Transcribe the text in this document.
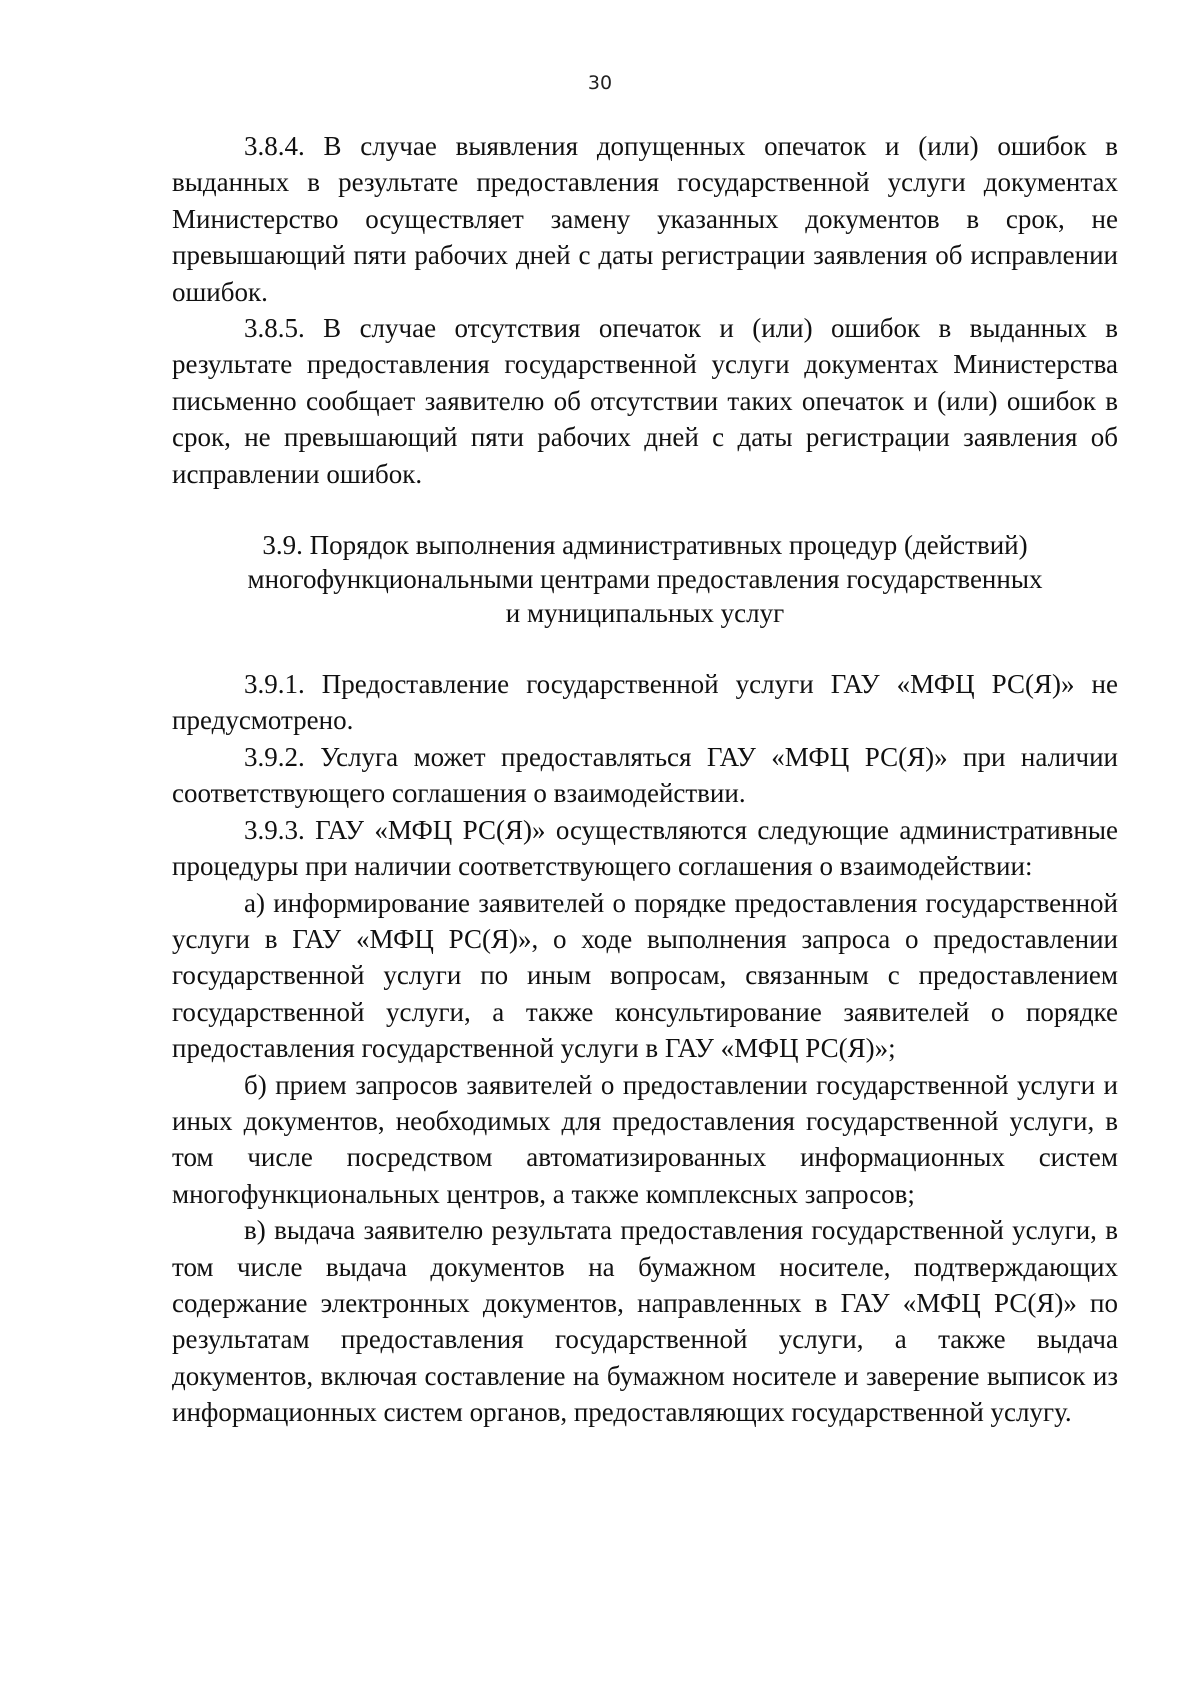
30

3.8.4. В случае выявления допущенных опечаток и (или) ошибок в выданных в результате предоставления государственной услуги документах Министерство осуществляет замену указанных документов в срок, не превышающий пяти рабочих дней с даты регистрации заявления об исправлении ошибок.

3.8.5. В случае отсутствия опечаток и (или) ошибок в выданных в результате предоставления государственной услуги документах Министерства письменно сообщает заявителю об отсутствии таких опечаток и (или) ошибок в срок, не превышающий пяти рабочих дней с даты регистрации заявления об исправлении ошибок.

3.9. Порядок выполнения административных процедур (действий)
многофункциональными центрами предоставления государственных
и муниципальных услуг

3.9.1. Предоставление государственной услуги ГАУ «МФЦ РС(Я)» не предусмотрено.

3.9.2. Услуга может предоставляться ГАУ «МФЦ РС(Я)» при наличии соответствующего соглашения о взаимодействии.

3.9.3. ГАУ «МФЦ РС(Я)» осуществляются следующие административные процедуры при наличии соответствующего соглашения о взаимодействии:

а) информирование заявителей о порядке предоставления государственной услуги в ГАУ «МФЦ РС(Я)», о ходе выполнения запроса о предоставлении государственной услуги по иным вопросам, связанным с предоставлением государственной услуги, а также консультирование заявителей о порядке предоставления государственной услуги в ГАУ «МФЦ РС(Я)»;

б) прием запросов заявителей о предоставлении государственной услуги и иных документов, необходимых для предоставления государственной услуги, в том числе посредством автоматизированных информационных систем многофункциональных центров, а также комплексных запросов;

в) выдача заявителю результата предоставления государственной услуги, в том числе выдача документов на бумажном носителе, подтверждающих содержание электронных документов, направленных в ГАУ «МФЦ РС(Я)» по результатам предоставления государственной услуги, а также выдача документов, включая составление на бумажном носителе и заверение выписок из информационных систем органов, предоставляющих государственной услугу.
